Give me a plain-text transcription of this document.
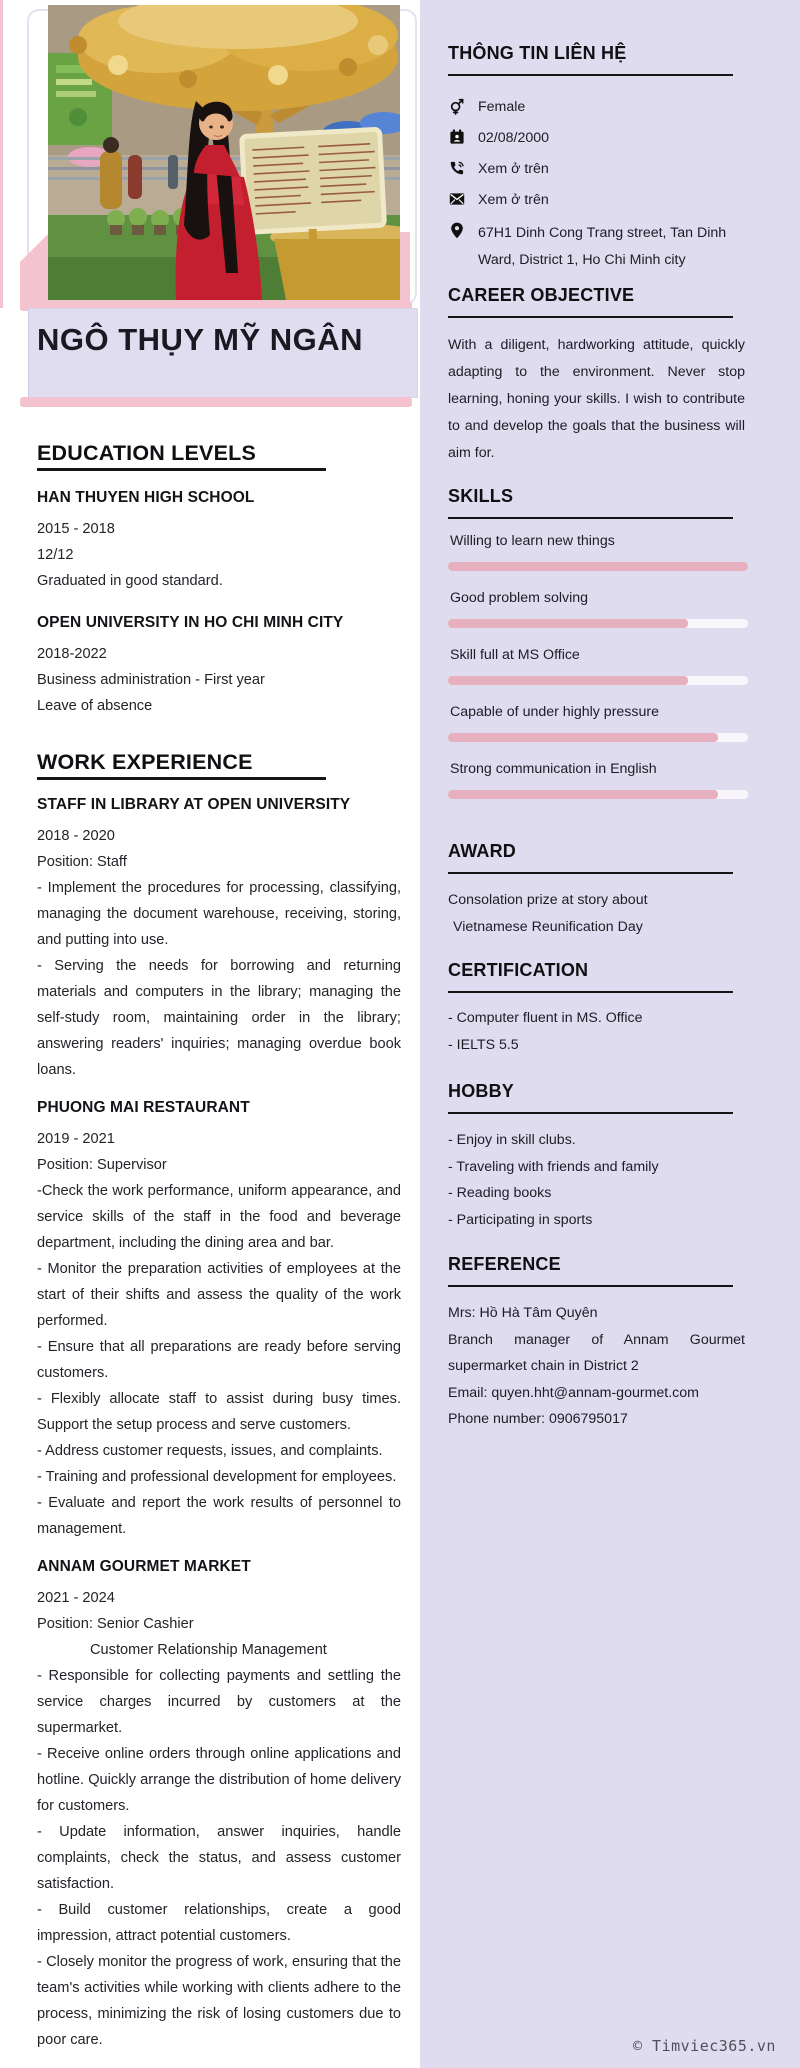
NGÔ THỤY MỸ NGÂN
EDUCATION LEVELS
HAN THUYEN HIGH SCHOOL
2015 - 2018
12/12
Graduated in good standard.
OPEN UNIVERSITY IN HO CHI MINH CITY
2018-2022
Business administration - First year
Leave of absence
WORK EXPERIENCE
STAFF IN LIBRARY AT OPEN UNIVERSITY
2018 - 2020
Position: Staff

- Implement the procedures for processing, classifying, managing the document warehouse, receiving, storing, and putting into use.

- Serving the needs for borrowing and returning materials and computers in the library; managing the self-study room, maintaining order in the library; answering readers' inquiries; managing overdue book loans.

PHUONG MAI RESTAURANT
2019 - 2021
Position: Supervisor

-Check the work performance, uniform appearance, and service skills of the staff in the food and beverage department, including the dining area and bar.

- Monitor the preparation activities of employees at the start of their shifts and assess the quality of the work performed.

- Ensure that all preparations are ready before serving customers.

- Flexibly allocate staff to assist during busy times. Support the setup process and serve customers.

- Address customer requests, issues, and complaints.

- Training and professional development for employees.

- Evaluate and report the work results of personnel to management.

ANNAM GOURMET MARKET
2021 - 2024
Position: Senior Cashier
Customer Relationship Management

- Responsible for collecting payments and settling the service charges incurred by customers at the supermarket.

- Receive online orders through online applications and hotline. Quickly arrange the distribution of home delivery for customers.

- Update information, answer inquiries, handle complaints, check the status, and assess customer satisfaction.

- Build customer relationships, create a good impression, attract potential customers.

- Closely monitor the progress of work, ensuring that the team's activities while working with clients adhere to the process, minimizing the risk of losing customers due to poor care.

THÔNG TIN LIÊN HỆ
Female
02/08/2000
Xem ở trên
Xem ở trên
67H1 Dinh Cong Trang street, Tan Dinh Ward, District 1, Ho Chi Minh city
CAREER OBJECTIVE

With a diligent, hardworking attitude, quickly adapting to the environment. Never stop learning, honing your skills. I wish to contribute to and develop the goals that the business will aim for.

SKILLS
Willing to learn new things
Good problem solving
Skill full at MS Office
Capable of under highly pressure
Strong communication in English
AWARD
Consolation prize at story about
Vietnamese Reunification Day
CERTIFICATION
- Computer fluent in MS. Office
- IELTS 5.5
HOBBY
- Enjoy in skill clubs.
- Traveling with friends and family
- Reading books
- Participating in sports
REFERENCE
Mrs: Hồ Hà Tâm Quyên
Branch manager of Annam Gourmet supermarket chain in District 2
Email: quyen.hht@annam-gourmet.com
Phone number: 0906795017
© Timviec365.vn
